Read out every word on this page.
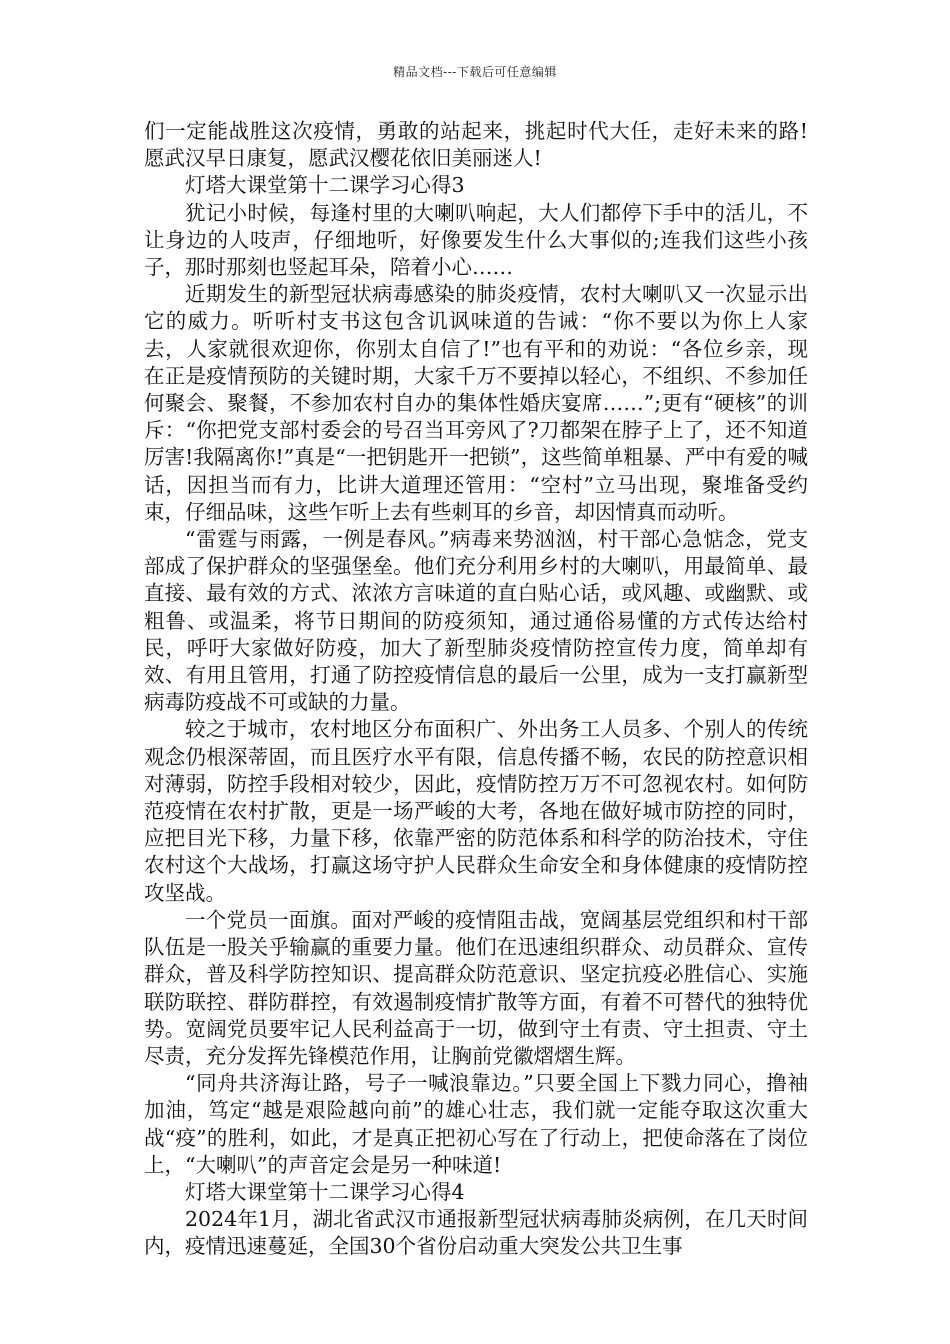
精品文档---下载后可任意编辑

们一定能战胜这次疫情，勇敢的站起来，挑起时代大任，走好未来的路!愿武汉早日康复，愿武汉樱花依旧美丽迷人!

灯塔大课堂第十二课学习心得3

犹记小时候，每逢村里的大喇叭响起，大人们都停下手中的活儿，不让身边的人吱声，仔细地听，好像要发生什么大事似的;连我们这些小孩子，那时那刻也竖起耳朵，陪着小心……

近期发生的新型冠状病毒感染的肺炎疫情，农村大喇叭又一次显示出它的威力。听听村支书这包含讥讽味道的告诫：“你不要以为你上人家去，人家就很欢迎你，你别太自信了!”也有平和的劝说：“各位乡亲，现在正是疫情预防的关键时期，大家千万不要掉以轻心，不组织、不参加任何聚会、聚餐，不参加农村自办的集体性婚庆宴席……”;更有“硬核”的训斥：“你把党支部村委会的号召当耳旁风了?刀都架在脖子上了，还不知道厉害!我隔离你!”真是“一把钥匙开一把锁”，这些简单粗暴、严中有爱的喊话，因担当而有力，比讲大道理还管用：“空村”立马出现，聚堆备受约束，仔细品味，这些乍听上去有些刺耳的乡音，却因情真而动听。

“雷霆与雨露，一例是春风。”病毒来势汹汹，村干部心急惦念，党支部成了保护群众的坚强堡垒。他们充分利用乡村的大喇叭，用最简单、最直接、最有效的方式、浓浓方言味道的直白贴心话，或风趣、或幽默、或粗鲁、或温柔，将节日期间的防疫须知，通过通俗易懂的方式传达给村民，呼吁大家做好防疫，加大了新型肺炎疫情防控宣传力度，简单却有效、有用且管用，打通了防控疫情信息的最后一公里，成为一支打赢新型病毒防疫战不可或缺的力量。

较之于城市，农村地区分布面积广、外出务工人员多、个别人的传统观念仍根深蒂固，而且医疗水平有限，信息传播不畅，农民的防控意识相对薄弱，防控手段相对较少，因此，疫情防控万万不可忽视农村。如何防范疫情在农村扩散，更是一场严峻的大考，各地在做好城市防控的同时，应把目光下移，力量下移，依靠严密的防范体系和科学的防治技术，守住农村这个大战场，打赢这场守护人民群众生命安全和身体健康的疫情防控攻坚战。

一个党员一面旗。面对严峻的疫情阻击战，宽阔基层党组织和村干部队伍是一股关乎输赢的重要力量。他们在迅速组织群众、动员群众、宣传群众，普及科学防控知识、提高群众防范意识、坚定抗疫必胜信心、实施联防联控、群防群控，有效遏制疫情扩散等方面，有着不可替代的独特优势。宽阔党员要牢记人民利益高于一切，做到守土有责、守土担责、守土尽责，充分发挥先锋模范作用，让胸前党徽熠熠生辉。

“同舟共济海让路，号子一喊浪靠边。”只要全国上下戮力同心，撸袖加油，笃定“越是艰险越向前”的雄心壮志，我们就一定能夺取这次重大战“疫”的胜利，如此，才是真正把初心写在了行动上，把使命落在了岗位上，“大喇叭”的声音定会是另一种味道!

灯塔大课堂第十二课学习心得4

2024年1月，湖北省武汉市通报新型冠状病毒肺炎病例，在几天时间内，疫情迅速蔓延，全国30个省份启动重大突发公共卫生事
